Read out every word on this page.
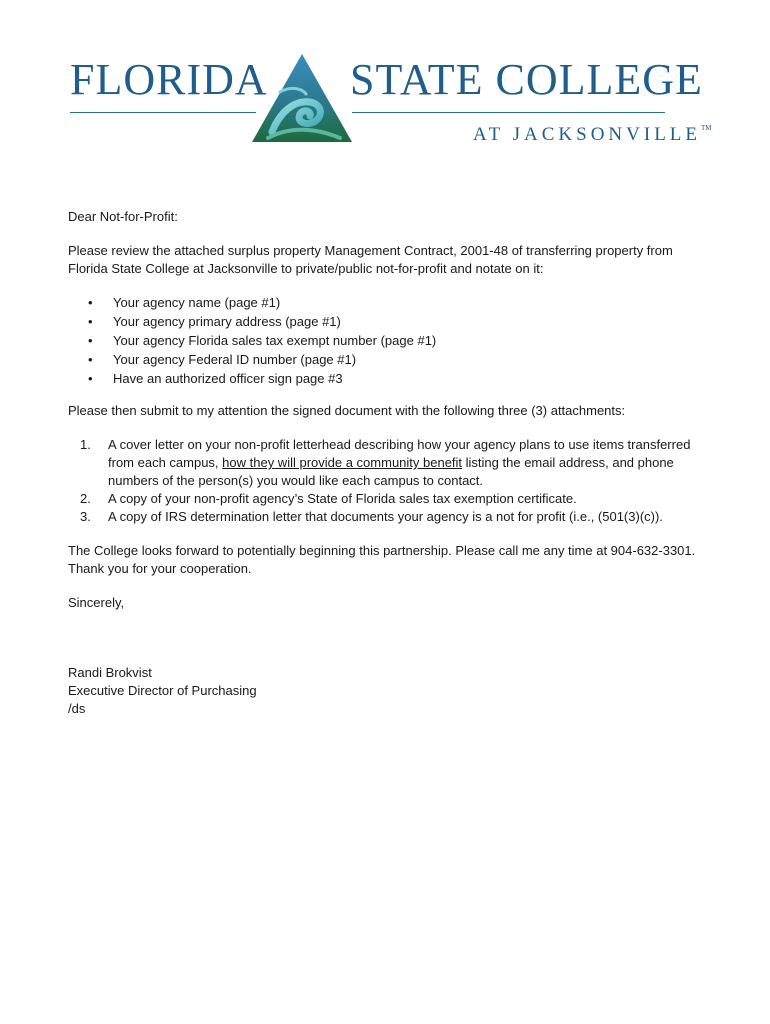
FLORIDA STATE COLLEGE
AT JACKSONVILLE™

Dear Not-for-Profit:

Please review the attached surplus property Management Contract, 2001-48 of transferring property from Florida State College at Jacksonville to private/public not-for-profit and notate on it:

• Your agency name (page #1)
• Your agency primary address (page #1)
• Your agency Florida sales tax exempt number (page #1)
• Your agency Federal ID number (page #1)
• Have an authorized officer sign page #3

Please then submit to my attention the signed document with the following three (3) attachments:

1. A cover letter on your non-profit letterhead describing how your agency plans to use items transferred from each campus, how they will provide a community benefit listing the email address, and phone numbers of the person(s) you would like each campus to contact.
2. A copy of your non-profit agency’s State of Florida sales tax exemption certificate.
3. A copy of IRS determination letter that documents your agency is a not for profit (i.e., (501(3)(c)).

The College looks forward to potentially beginning this partnership. Please call me any time at 904-632-3301. Thank you for your cooperation.

Sincerely,

Randi Brokvist
Executive Director of Purchasing
/ds
